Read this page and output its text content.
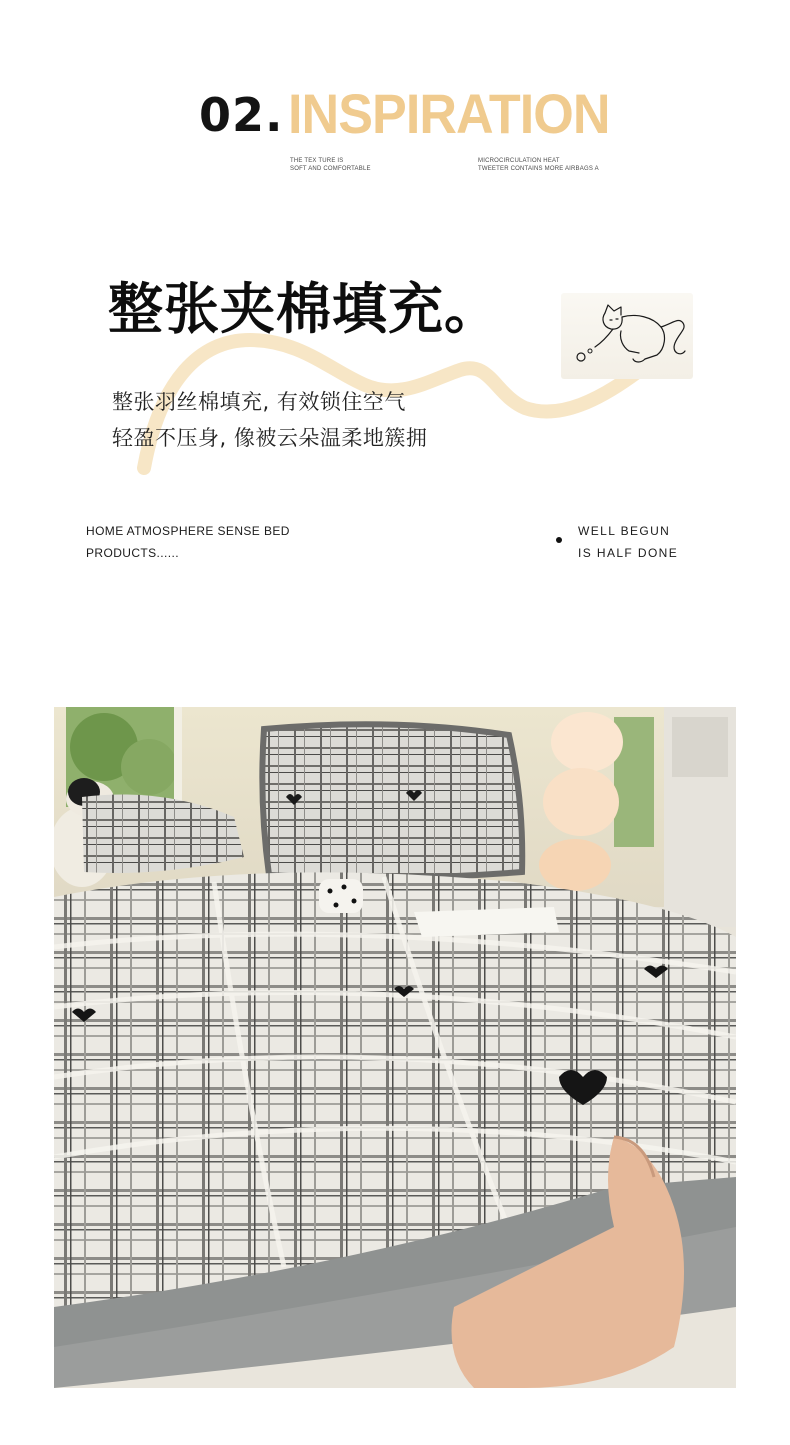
02. INSPIRATION
THE TEX TURE IS
SOFT AND COMFORTABLE
MICROCIRCULATION HEAT
TWEETER CONTAINS MORE AIRBAGS A
整张夹棉填充。
整张羽丝棉填充, 有效锁住空气
轻盈不压身, 像被云朵温柔地簇拥
HOME ATMOSPHERE SENSE BED
PRODUCTS......
WELL BEGUN
IS HALF DONE
